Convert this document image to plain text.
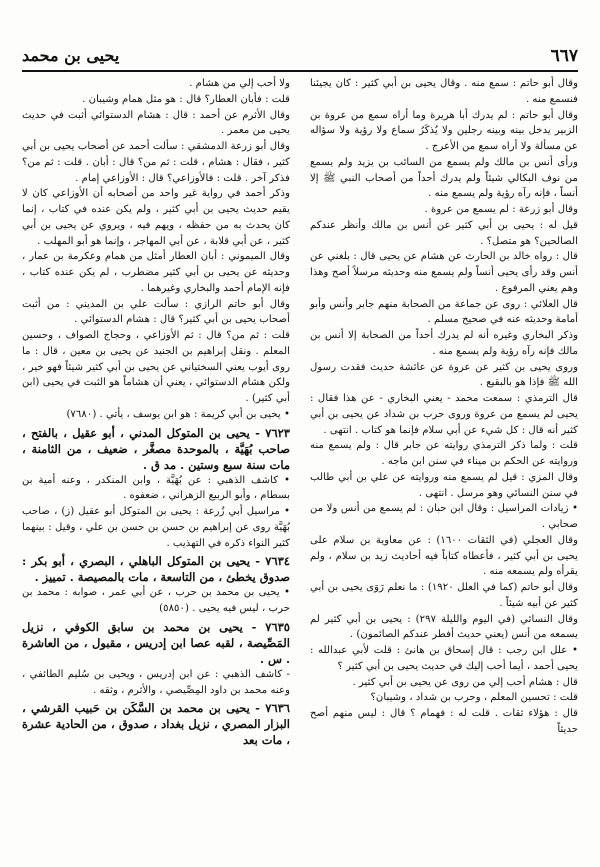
٦٦٧
يحيى بن محمد

وقال أبو حاتم : سمع منه . وقال يحيى بن أبي كثير : كان يجيئنا فنسمع منه .

وقال أبو حاتم : لم يدرك أبا هريرة وما أراه سمع من عروة بن الزبير يدخل بينه وبينه رجلين ولا يُذكَرُ سماع ولا رؤية ولا سؤاله عن مسألة ولا أراه سمع من الأعرج .

ورأى أنس بن مالك ولم يسمع من السائب بن يزيد ولم يسمع من نوف البكالي شيئاً ولم يدرك أحداً من أصحاب النبي ﷺ إلا أنساً ، فإنه رآه رؤية ولم يسمع منه .

وقال أبو زرعة : لم يسمع من عروة .

قيل له : يحيى بن أبي كثير عن أنس بن مالك وأنظر عندكم الصالحين؟ هو متصل؟ .

قال : رواه خالد بن الحارث عن هشام عن يحيى قال : بلغني عن أنس وقد رأى يحيى أنساً ولم يسمع منه وحديثه مرسلاً أصح وهذا وهم يعني المرفوع .

قال العلائي : روى عن جماعة من الصحابة منهم جابر وأنس وأبو أمامة وحديثه عنه في صحيح مسلم .

وذكر البخاري وغيره أنه لم يدرك أحداً من الصحابة إلا أنس بن مالك فإنه رآه رؤية ولم يسمع منه .

وروى يحيى بن كثير عن عروة عن عائشة حديث فقدت رسول الله ﷺ فإذا هو بالبقيع .

قال الترمذي : سمعت محمد - يعني البخاري - عن هذا فقال : يحيى لم يسمع من عروة وروى حرب بن شداد عن يحيى بن أبي كثير أنه قال : كل شيء عن أبي سلام فإنما هو كتاب . انتهى .

قلت : ولما ذكر الترمذي روايته عن جابر قال : ولم يسمع منه وروايته عن الحكم بن ميناء في سنن ابن ماجه .

وقال المزي : قيل لم يسمع منه وروايته عن علي بن أبي طالب في سنن النسائي وهو مرسل . انتهى .

• زيادات المراسيل : وقال ابن حبان : لم يسمع من أنس ولا من صحابي .

وقال العجلي (في الثقات ١٦٠٠) : عن معاوية بن سلام على يحيى بن أبي كثير ، فأعطاه كتاباً فيه أحاديث زيد بن سلام ، ولم يقرأه ولم يسمعه منه .

وقال أبو حاتم (كما في العلل ١٩٢٠) : ما نعلم رَوَى يحيى بن أبي كثير عن أبيه شيئاً .

وقال النسائي (في اليوم والليلة ٢٩٧) : يحيى بن أبي كثير لم يسمعه من أنس (يعني حديث أفطر عندكم الصائمون) .

• علل ابن رجب : قال إسحاق بن هانئ : قلت لأبي عبدالله : يحيى أحمد ، أيما أحب إليك في حديث يحيى بن أبي كثير ؟

قال : هشام أحب إلي من روى عن يحيى بن أبي كثير .

قلت : تحسين المعلم ، وحرب بن شداد ، وشيبان؟

قال : هؤلاء ثقات . قلت له : فهمام ؟ قال : ليس منهم أصح حديثاً

ولا أحب إلي من هشام .

قلت : فأبان العطار؟ قال : هو مثل همام وشيبان .

وقال الأثرم عن أحمد : قال : هشام الدستوائي أثبت في حديث يحيى من معمر .

وقال أبو زرعة الدمشقي : سألت أحمد عن أصحاب يحيى بن أبي كثير ، فقال : هشام ، قلت : ثم من؟ قال : أبان . قلت : ثم من؟ فذكر آخر . قلت : فالأوزاعي؟ قال : الأوزاعي إمام .

وذكر أحمد في رواية غير واحد من أصحابه أن الأوزاعي كان لا يقيم حديث يحيى بن أبي كثير ، ولم يكن عنده في كتاب ، إنما كان يحدث به من حفظه ، ويهم فيه ، ويروي عن يحيى بن أبي كثير ، عن أبي قلابة ، عن أبي المهاجر ، وإنما هو أبو المهلب .

وقال الميموني : أبان العطار أمثل من همام وعكرمة بن عمار ، وحديثه عن يحيى بن أبي كثير مضطرب ، لم يكن عنده كتاب ، فإنه الإمام أحمد والبخاري وغيرهما .

وقال أبو حاتم الرازي : سألت علي بن المديني : من أثبت أصحاب يحيى بن أبي كثير؟ قال : هشام الدستوائي .

قلت : ثم من؟ قال : ثم الأوزاعي ، وحجاج الصواف ، وحسين المعلم . ونقل إبراهيم بن الجنيد عن يحيى بن معين ، قال : ما روى أيوب يعني السختياني عن يحيى بن أبي كثير شيئاً فهو خير ، ولكن هشام الدستوائي ، يعني أن هشاماً هو الثبت في يحيى (ابن أبي كثير) .

• يحيى بن أبي كريمة : هو ابن يوسف ، يأتي . (٧٦٨٠)

٧٦٢٣ - يحيى بن المتوكل المدني ، أبو عقيل ، بالفتح ، صاحب بُهَيَّة ، بالموحدة مصغَّر ، ضعيف ، من الثامنة ، مات سنة سبع وستين . مد ق .

• كاشف الذهبي : عن بُهَيَّة ، وابن المنكدر ، وعنه أمية بن بسطام ، وأبو الربيع الزهراني ، ضعفوه .

• مراسيل أبي زُرعة : يحيى بن المتوكل أبو عقيل (ز) ، صاحب بُهَيَّة روى عن إبراهيم بن حسن بن حسن بن علي ، وقيل : بينهما كثير النواء ذكره في التهذيب .

٧٦٣٤ - يحيى بن المتوكل الباهلي ، البصري ، أبو بكر : صدوق يخطئ ، من التاسعة ، مات بالمصيصة . تمييز .

• يحيى بن محمد بن حرب ، عن أبي عمر ، صوابه : محمد بن حرب ، ليس فيه يحيى . (٥٨٥٠)

٧٦٣٥ - يحيى بن محمد بن سابق الكوفي ، نزيل المَصِّيصة ، لقبه عصا ابن إدريس ، مقبول ، من العاشرة . س .

- كاشف الذهبي : عن ابن إدريس ، ويحيى بن سُليم الطائفي ، وعنه محمد بن داود المِصِّيصي ، والأثرم ، وثقه .

٧٦٣٦ - يحيى بن محمد بن السَّكَن بن حَبيب القرشي ، البزار المصري ، نزيل بغداد ، صدوق ، من الحادية عشرة ، مات بعد
